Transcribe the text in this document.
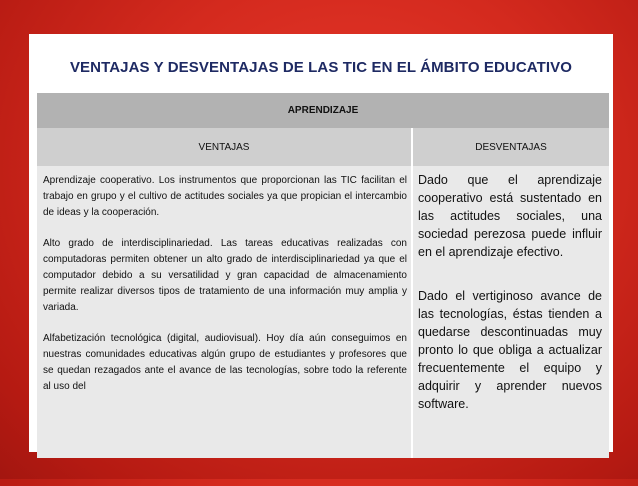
VENTAJAS Y DESVENTAJAS DE LAS TIC EN EL ÁMBITO EDUCATIVO
APRENDIZAJE
VENTAJAS	DESVENTAJAS

Aprendizaje cooperativo. Los instrumentos que proporcionan las TIC facilitan el trabajo en grupo y el cultivo de actitudes sociales ya que propician el intercambio de ideas y la cooperación.

Alto grado de interdisciplinariedad. Las tareas educativas realizadas con computadoras permiten obtener un alto grado de interdisciplinariedad ya que el computador debido a su versatilidad y gran capacidad de almacenamiento permite realizar diversos tipos de tratamiento de una información muy amplia y variada.

Alfabetización tecnológica (digital, audiovisual). Hoy día aún conseguimos en nuestras comunidades educativas algún grupo de estudiantes y profesores que se quedan rezagados ante el avance de las tecnologías, sobre todo la referente al uso del

Dado que el aprendizaje cooperativo está sustentado en las actitudes sociales, una sociedad perezosa puede influir en el aprendizaje efectivo.

Dado el vertiginoso avance de las tecnologías, éstas tienden a quedarse descontinuadas muy pronto lo que obliga a actualizar frecuentemente el equipo y adquirir y aprender nuevos software.
